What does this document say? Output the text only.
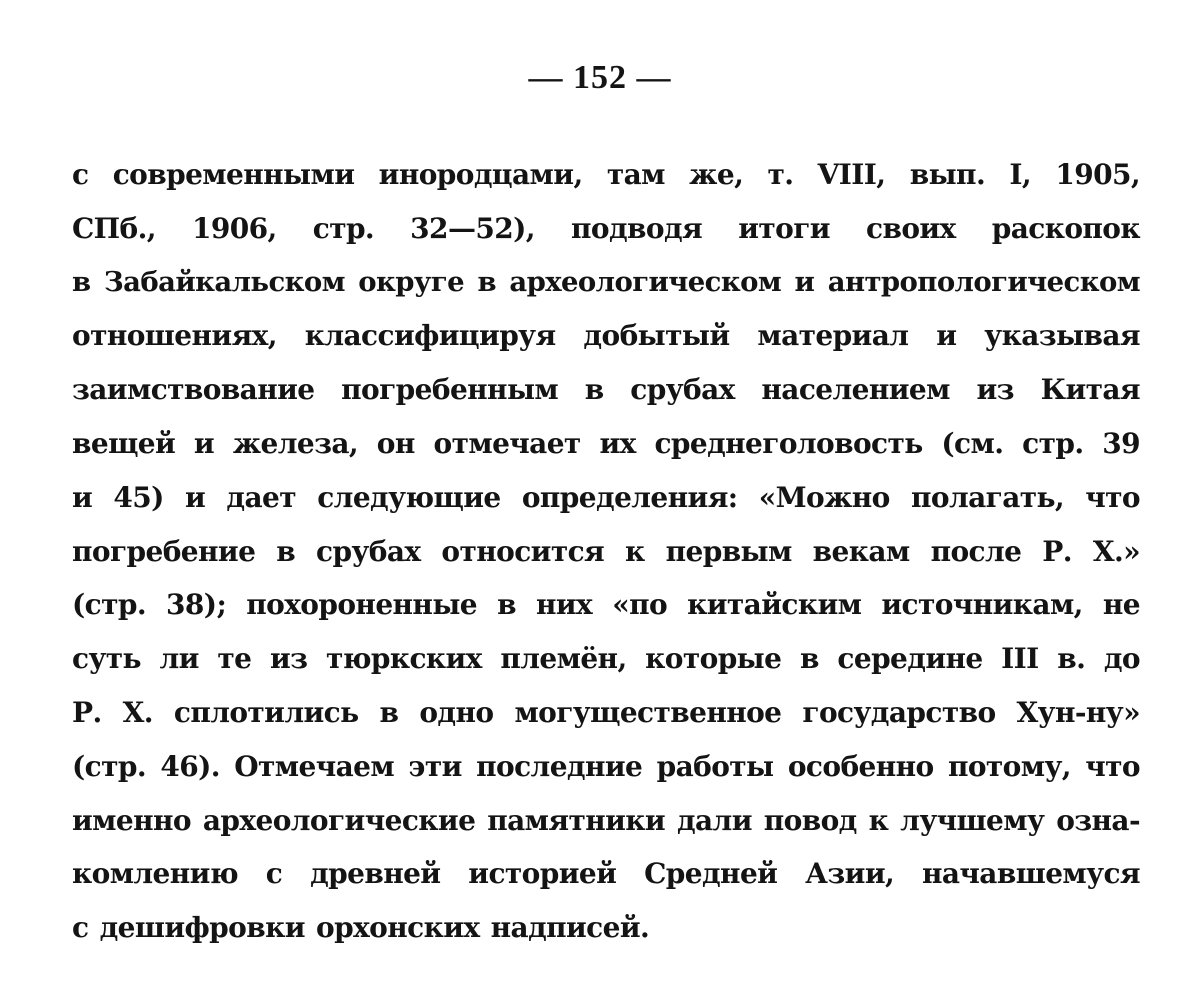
— 152 —
с современными инородцами, там же, т. VIII, вып. I, 1905,
СПб., 1906, стр. 32—52), подводя итоги своих раскопок
в Забайкальском округе в археологическом и антропологическом
отношениях, классифицируя добытый материал и указывая
заимствование погребенным в срубах населением из Китая
вещей и железа, он отмечает их среднеголовость (см. стр. 39
и 45) и дает следующие определения: «Можно полагать, что
погребение в срубах относится к первым векам после Р. Х.»
(стр. 38); похороненные в них «по китайским источникам, не
суть ли те из тюркских племён, которые в середине III в. до
Р. Х. сплотились в одно могущественное государство Хун-ну»
(стр. 46). Отмечаем эти последние работы особенно потому, что
именно археологические памятники дали повод к лучшему озна-
комлению с древней историей Средней Азии, начавшемуся
с дешифровки орхонских надписей.
